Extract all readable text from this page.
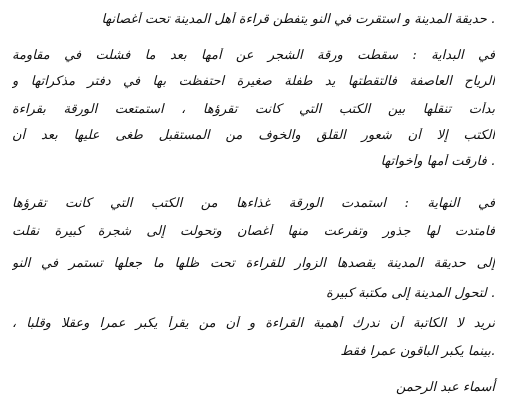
. حديقة المدينة و استقرت في النو يتفطن قراءة أهل المدينة تحت أغصانها
في البداية : سقطت ورقة الشجر عن أمها بعد ما فشلت في مقاومة
الرياح العاصفة فالتقطتها يد طفلة صغيرة احتفظت بها في دفتر مذكراتها و
بدأت تنقلها بين الكتب التي كانت تقرؤها ، استمتعت الورقة بقراءة
الكتب إلا أن شعور القلق والخوف من المستقبل طغى عليها بعد أن
. فارقت أمها وأخواتها
في النهاية : استمدت الورقة غذاءها من الكتب التي كانت تقرؤها
فامتدت لها جذور وتفرعت منها أغصان وتحولت إلى شجرة كبيرة نقلت
إلى حديقة المدينة يقصدها الزوار للقراءة تحت ظلها ما جعلها تستمر في النو
. لتحول المدينة إلى مكتبة كبيرة
نريد لا الكاتبة أن ندرك أهمية القراءة و أن من يقرأ يكبر عمرا وعقلا وقلبا ،
.بينما يكبر الباقون عمرا فقط
أسماء عبد الرحمن
